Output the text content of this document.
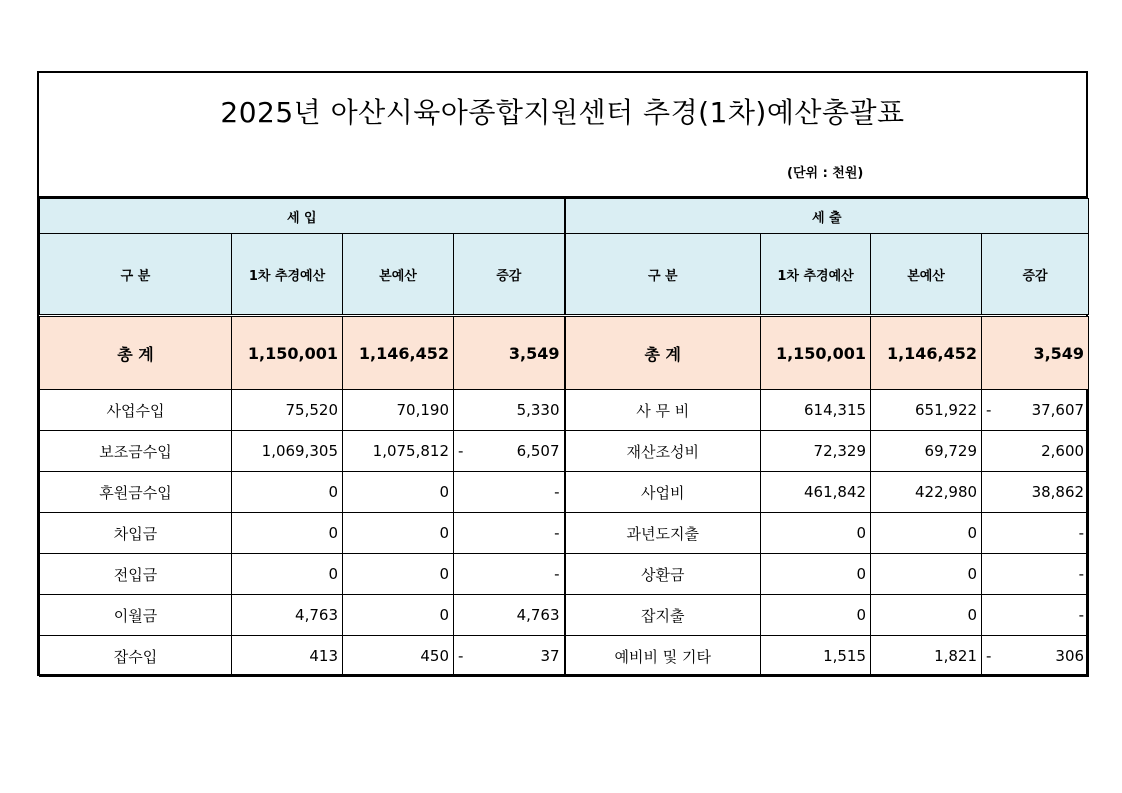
2025년 아산시육아종합지원센터 추경(1차)예산총괄표
(단위 : 천원)
세 입				세 출			
구 분	1차 추경예산	본예산	증감	구 분	1차 추경예산	본예산	증감
총 계	1,150,001	1,146,452	3,549	총 계	1,150,001	1,146,452	3,549
사업수입	75,520	70,190	5,330	사 무 비	614,315	651,922	- 37,607
보조금수입	1,069,305	1,075,812	- 6,507	재산조성비	72,329	69,729	2,600
후원금수입	0	0	-	사업비	461,842	422,980	38,862
차입금	0	0	-	과년도지출	0	0	-
전입금	0	0	-	상환금	0	0	-
이월금	4,763	0	4,763	잡지출	0	0	-
잡수입	413	450	- 37	예비비 및 기타	1,515	1,821	- 306
